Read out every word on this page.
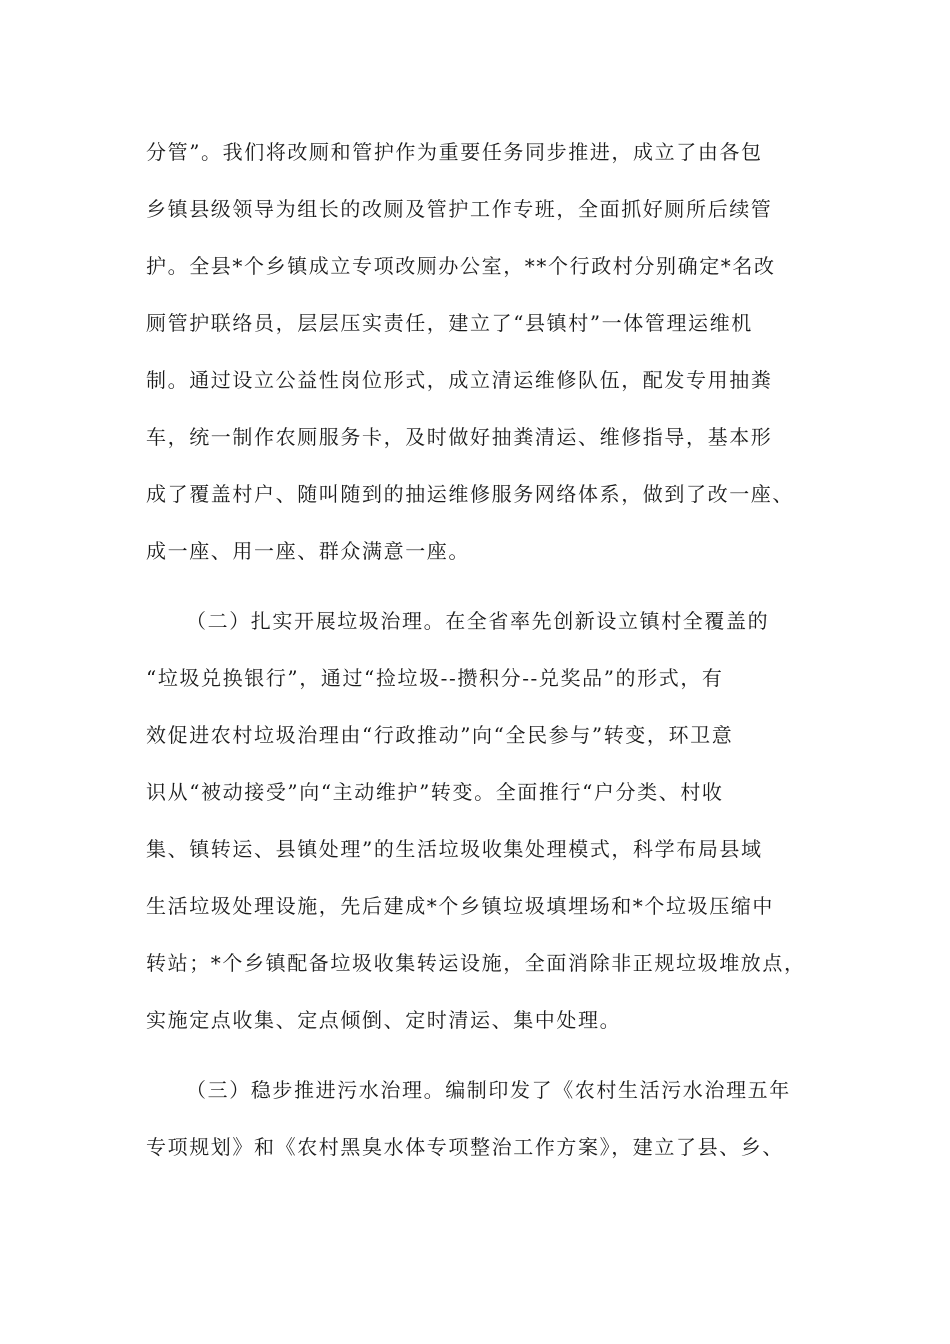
分管”。我们将改厕和管护作为重要任务同步推进，成立了由各包
乡镇县级领导为组长的改厕及管护工作专班，全面抓好厕所后续管
护。全县*个乡镇成立专项改厕办公室，**个行政村分别确定*名改
厕管护联络员，层层压实责任，建立了“县镇村”一体管理运维机
制。通过设立公益性岗位形式，成立清运维修队伍，配发专用抽粪
车，统一制作农厕服务卡，及时做好抽粪清运、维修指导，基本形
成了覆盖村户、随叫随到的抽运维修服务网络体系，做到了改一座、
成一座、用一座、群众满意一座。
（二）扎实开展垃圾治理。在全省率先创新设立镇村全覆盖的
“垃圾兑换银行”，通过“捡垃圾--攒积分--兑奖品”的形式，有
效促进农村垃圾治理由“行政推动”向“全民参与”转变，环卫意
识从“被动接受”向“主动维护”转变。全面推行“户分类、村收
集、镇转运、县镇处理”的生活垃圾收集处理模式，科学布局县域
生活垃圾处理设施，先后建成*个乡镇垃圾填埋场和*个垃圾压缩中
转站；*个乡镇配备垃圾收集转运设施，全面消除非正规垃圾堆放点，
实施定点收集、定点倾倒、定时清运、集中处理。
（三）稳步推进污水治理。编制印发了《农村生活污水治理五年
专项规划》和《农村黑臭水体专项整治工作方案》，建立了县、乡、
